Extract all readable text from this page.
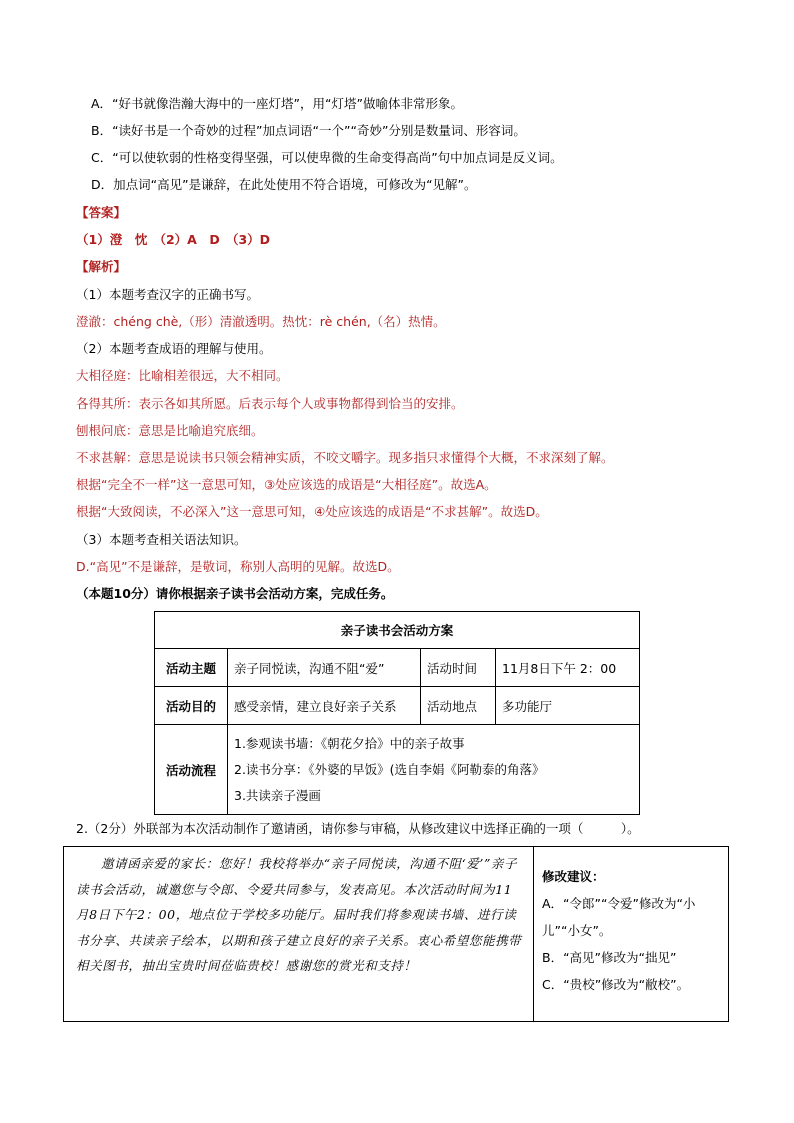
A．“好书就像浩瀚大海中的一座灯塔”，用“灯塔”做喻体非常形象。
B．“读好书是一个奇妙的过程”加点词语“一个”“奇妙”分别是数量词、形容词。
C．“可以使软弱的性格变得坚强，可以使卑微的生命变得高尚”句中加点词是反义词。
D．加点词“高见”是谦辞，在此处使用不符合语境，可修改为“见解”。
【答案】
（1）澄　忱　（2）A　D　（3）D
【解析】
（1）本题考查汉字的正确书写。
澄澈：chéng chè,（形）清澈透明。热忱：rè chén,（名）热情。
（2）本题考查成语的理解与使用。
大相径庭：比喻相差很远，大不相同。
各得其所：表示各如其所愿。后表示每个人或事物都得到恰当的安排。
刨根问底：意思是比喻追究底细。
不求甚解：意思是说读书只领会精神实质，不咬文嚼字。现多指只求懂得个大概，不求深刻了解。
根据“完全不一样”这一意思可知，③处应该选的成语是“大相径庭”。故选A。
根据“大致阅读，不必深入”这一意思可知，④处应该选的成语是“不求甚解”。故选D。
（3）本题考查相关语法知识。
D.“高见”不是谦辞，是敬词，称别人高明的见解。故选D。
（本题10分）请你根据亲子读书会活动方案，完成任务。
亲子读书会活动方案			
活动主题	亲子同悦读，沟通不阻“爱”	活动时间	11月8日下午 2：00
活动目的	感受亲情，建立良好亲子关系	活动地点	多功能厅
活动流程	1.参观读书墙：《朝花夕拾》中的亲子故事
2.读书分享：《外婆的早饭》(选自李娟《阿勒泰的角落》
3.共读亲子漫画		
2.（2分）外联部为本次活动制作了邀请函，请你参与审稿，从修改建议中选择正确的一项（　　　）。
邀请函亲爱的家长：您好！我校将举办“亲子同悦读，沟通不阻‘爱’”亲子读书会活动，诚邀您与令郎、令爱共同参与，发表高见。本次活动时间为11月8日下午2：00，地点位于学校多功能厅。届时我们将参观读书墙、进行读书分享、共读亲子绘本，以期和孩子建立良好的亲子关系。衷心希望您能携带相关图书，抽出宝贵时间莅临贵校！感谢您的赏光和支持！
修改建议：
A．“令郎”“令爱”修改为“小
儿”“小女”。
B．“高见”修改为“拙见”
C．“贵校”修改为“敝校”。
